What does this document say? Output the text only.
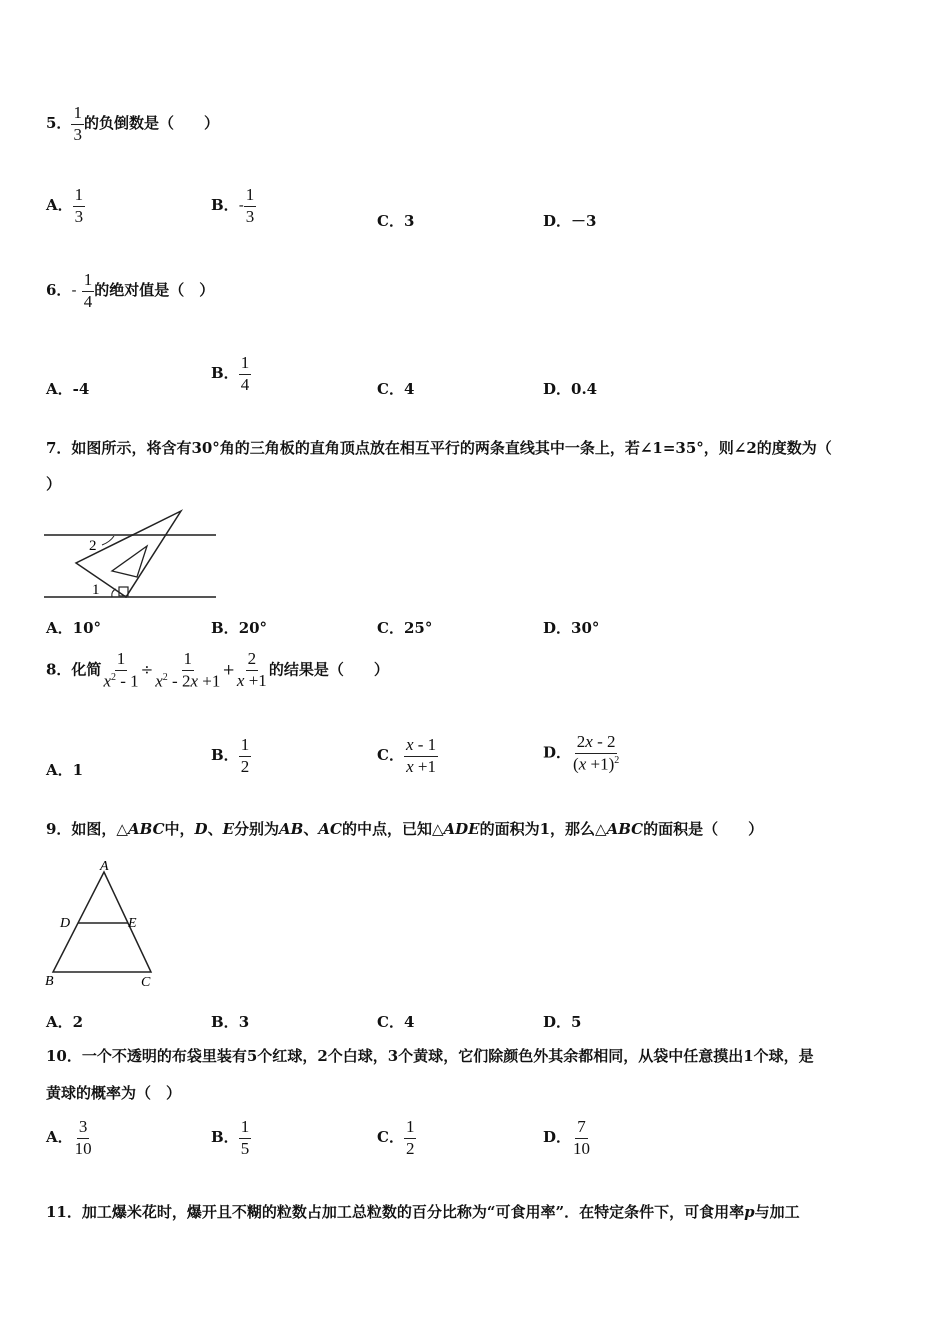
5． $\frac{1}{3}$ 的负倒数是（　　）
A． $\frac{1}{3}$	B．- $\frac{1}{3}$	C．3	D．－3
6．- $\frac{1}{4}$ 的绝对值是（　）
A．-4
B． $\frac{1}{4}$	C．4	D．0.4
7．如图所示，将含有30°角的三角板的直角顶点放在相互平行的两条直线其中一条上，若∠1=35°，则∠2的度数为（
）
2
1
A．10°	B．20°	C．25°	D．30°
8．化简 $\frac{1}{x^2 - 1} \div \frac{1}{x^2 - 2x +1} + \frac{2}{x +1}$ 的结果是（　　）
A．1
B． $\frac{1}{2}$	C． $\frac{x - 1}{x +1}$	D． $\frac{2x - 2}{(x +1)^2}$
9．如图，△ABC中，D、E分别为AB、AC的中点，已知△ADE的面积为1，那么△ABC的面积是（　　）
A
D	E
B	C
A．2	B．3	C．4	D．5
10．一个不透明的布袋里装有5个红球，2个白球，3个黄球，它们除颜色外其余都相同，从袋中任意摸出1个球，是
黄球的概率为（　）
A． $\frac{3}{10}$	B． $\frac{1}{5}$	C． $\frac{1}{2}$	D． $\frac{7}{10}$
11．加工爆米花时，爆开且不糊的粒数占加工总粒数的百分比称为“可食用率”．在特定条件下，可食用率p与加工
